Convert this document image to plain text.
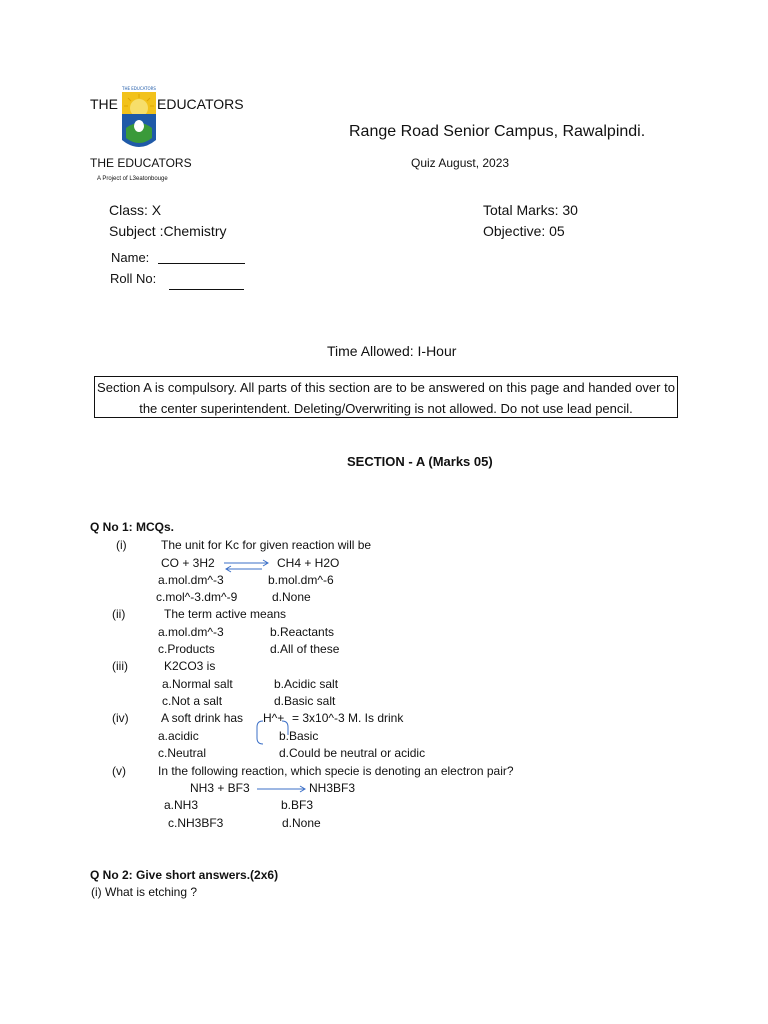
THE
THE EDUCATORS
EDUCATORS
Range Road Senior Campus, Rawalpindi.
THE EDUCATORS
A Project of L3eatonbouge
Quiz August, 2023
Class: X
Subject :Chemistry
Total Marks: 30
Objective: 05
Name:
Roll No:
Time Allowed: I-Hour

Section A is compulsory. All parts of this section are to be answered on this page and handed over to

the center superintendent. Deleting/Overwriting is not allowed. Do not use lead pencil.

SECTION - A (Marks 05)
Q No 1: MCQs.
(i)	The unit for Kc for given reaction will be
CO + 3H2 ⇌ CH4 + H2O
a.mol.dm^-3	b.mol.dm^-6
c.mol^-3.dm^-9	d.None
(ii)	The term active means
a.mol.dm^-3	b.Reactants
c.Products	d.All of these
(iii)	K2CO3 is
a.Normal salt	b.Acidic salt
c.Not a salt	d.Basic salt
(iv)	A soft drink has H^+ = 3x10^-3 M. Is drink
a.acidic	b.Basic
c.Neutral	d.Could be neutral or acidic
(v)	In the following reaction, which specie is denoting an electron pair?
NH3 + BF3 → NH3BF3
a.NH3	b.BF3
c.NH3BF3	d.None
Q No 2: Give short answers.(2x6)
(i) What is etching ?
